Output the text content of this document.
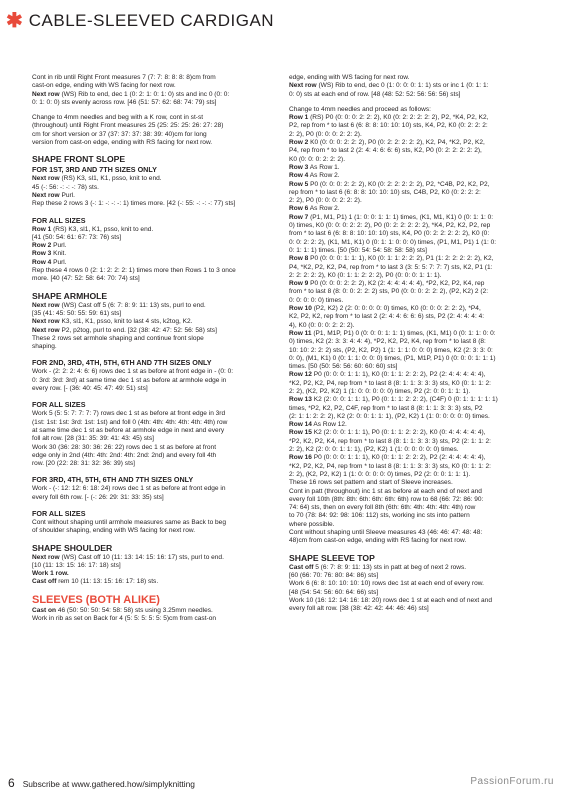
✱ CABLE-SLEEVED CARDIGAN
Cont in rib until Right Front measures 7 (7: 7: 8: 8: 8: 8)cm from
cast-on edge, ending with WS facing for next row.
Next row (WS) Rib to end, dec 1 (0: 2: 1: 0: 1: 0) sts and inc 0 (0: 0:
0: 1: 0: 0) sts evenly across row. [46 (51: 57: 62: 68: 74: 79) sts]
Change to 4mm needles and beg with a K row, cont in st-st
(throughout) until Right Front measures 25 (25: 25: 25: 26: 27: 28)
cm for short version or 37 (37: 37: 37: 38: 39: 40)cm for long
version from cast-on edge, ending with RS facing for next row.
SHAPE FRONT SLOPE
FOR 1ST, 3RD AND 7TH SIZES ONLY
Next row (RS) K3, sl1, K1, psso, knit to end.
45 (-: 56: -: -: -: 78) sts.
Next row Purl.
Rep these 2 rows 3 (-: 1: -: -: -: 1) times more. [42 (-: 55: -: -: -: 77) sts]
FOR ALL SIZES
Row 1 (RS) K3, sl1, K1, psso, knit to end.
[41 (50: 54: 61: 67: 73: 76) sts]
Row 2 Purl.
Row 3 Knit.
Row 4 Purl.
Rep these 4 rows 0 (2: 1: 2: 2: 2: 1) times more then Rows 1 to 3 once
more. [40 (47: 52: 58: 64: 70: 74) sts]
SHAPE ARMHOLE
Next row (WS) Cast off 5 (6: 7: 8: 9: 11: 13) sts, purl to end.
[35 (41: 45: 50: 55: 59: 61) sts]
Next row K3, sl1, K1, psso, knit to last 4 sts, k2tog, K2.
Next row P2, p2tog, purl to end. [32 (38: 42: 47: 52: 56: 58) sts]
These 2 rows set armhole shaping and continue front slope
shaping.
FOR 2ND, 3RD, 4TH, 5TH, 6TH AND 7TH SIZES ONLY
Work - (2: 2: 2: 4: 6: 6) rows dec 1 st as before at front edge in - (0: 0:
0: 3rd: 3rd: 3rd) at same time dec 1 st as before at armhole edge in
every row. [- (36: 40: 45: 47: 49: 51) sts]
FOR ALL SIZES
Work 5 (5: 5: 7: 7: 7: 7) rows dec 1 st as before at front edge in 3rd
(1st: 1st: 1st: 3rd: 1st: 1st) and foll 0 (4th: 4th: 4th: 4th: 4th: 4th) row
at same time dec 1 st as before at armhole edge in next and every
foll alt row. [28 (31: 35: 39: 41: 43: 45) sts]
Work 30 (36: 28: 30: 36: 26: 22) rows dec 1 st as before at front
edge only in 2nd (4th: 4th: 2nd: 4th: 2nd: 2nd) and every foll 4th
row. [20 (22: 28: 31: 32: 36: 39) sts]
FOR 3RD, 4TH, 5TH, 6TH AND 7TH SIZES ONLY
Work - (-: 12: 12: 6: 18: 24) rows dec 1 st as before at front edge in
every foll 6th row. [- (-: 26: 29: 31: 33: 35) sts]
FOR ALL SIZES
Cont without shaping until armhole measures same as Back to beg
of shoulder shaping, ending with WS facing for next row.
SHAPE SHOULDER
Next row (WS) Cast off 10 (11: 13: 14: 15: 16: 17) sts, purl to end.
[10 (11: 13: 15: 16: 17: 18) sts]
Work 1 row.
Cast off rem 10 (11: 13: 15: 16: 17: 18) sts.
SLEEVES (BOTH ALIKE)
Cast on 46 (50: 50: 50: 54: 58: 58) sts using 3.25mm needles.
Work in rib as set on Back for 4 (5: 5: 5: 5: 5: 5)cm from cast-on
edge, ending with WS facing for next row.
Next row (WS) Rib to end, dec 0 (1: 0: 0: 0: 1: 1) sts or inc 1 (0: 1: 1:
0: 0) sts at each end of row. [48 (48: 52: 52: 56: 56: 56) sts]
Change to 4mm needles and proceed as follows:
Row 1 (RS) P0 (0: 0: 0: 2: 2: 2), K0 (0: 2: 2: 2: 2: 2), P2, *K4, P2, K2,
P2, rep from * to last 6 (6: 8: 8: 10: 10: 10) sts, K4, P2, K0 (0: 2: 2: 2:
2: 2), P0 (0: 0: 0: 2: 2: 2).
Row 2 K0 (0: 0: 0: 2: 2: 2), P0 (0: 2: 2: 2: 2: 2), K2, P4, *K2, P2, K2,
P4, rep from * to last 2 (2: 4: 4: 6: 6: 6) sts, K2, P0 (0: 2: 2: 2: 2: 2),
K0 (0: 0: 0: 2: 2: 2).
Row 3 As Row 1.
Row 4 As Row 2.
Row 5 P0 (0: 0: 0: 2: 2: 2), K0 (0: 2: 2: 2: 2: 2), P2, *C4B, P2, K2, P2,
rep from * to last 6 (6: 8: 8: 10: 10: 10) sts, C4B, P2, K0 (0: 2: 2: 2:
2: 2), P0 (0: 0: 0: 2: 2: 2).
Row 6 As Row 2.
Row 7 (P1, M1, P1) 1 (1: 0: 0: 1: 1: 1) times, (K1, M1, K1) 0 (0: 1: 1: 0:
0) times, K0 (0: 0: 0: 2: 2: 2), P0 (0: 2: 2: 2: 2: 2), *K4, P2, K2, P2, rep
from * to last 6 (6: 8: 8: 10: 10: 10) sts, K4, P0 (0: 2: 2: 2: 2: 2), K0 (0:
0: 0: 2: 2: 2), (K1, M1, K1) 0 (0: 1: 1: 0: 0: 0) times, (P1, M1, P1) 1 (1: 0:
0: 1: 1: 1) times. [50 (50: 54: 54: 58: 58: 58) sts]
Row 8 P0 (0: 0: 0: 1: 1: 1), K0 (0: 1: 1: 2: 2: 2), P1 (1: 2: 2: 2: 2: 2), K2,
P4, *K2, P2, K2, P4, rep from * to last 3 (3: 5: 5: 7: 7: 7) sts, K2, P1 (1:
2: 2: 2: 2: 2), K0 (0: 1: 1: 2: 2: 2), P0 (0: 0: 0: 1: 1: 1).
Row 9 P0 (0: 0: 0: 2: 2: 2), K2 (2: 4: 4: 4: 4: 4), *P2, K2, P2, K4, rep
from * to last 8 (8: 0: 0: 2: 2: 2) sts, P0 (0: 0: 0: 2: 2: 2), (P2, K2) 2 (2:
0: 0: 0: 0: 0) times.
Row 10 (P2, K2) 2 (2: 0: 0: 0: 0: 0) times, K0 (0: 0: 0: 2: 2: 2), *P4,
K2, P2, K2, rep from * to last 2 (2: 4: 4: 6: 6: 6) sts, P2 (2: 4: 4: 4: 4:
4), K0 (0: 0: 0: 2: 2: 2).
Row 11 (P1, M1P, P1) 0 (0: 0: 0: 1: 1: 1) times, (K1, M1) 0 (0: 1: 1: 0: 0:
0) times, K2 (2: 3: 3: 4: 4: 4), *P2, K2, P2, K4, rep from * to last 8 (8:
10: 10: 2: 2: 2) sts, (P2, K2, P2) 1 (1: 1: 1: 0: 0: 0) times, K2 (2: 3: 3: 0:
0: 0), (M1, K1) 0 (0: 1: 1: 0: 0: 0) times, (P1, M1P, P1) 0 (0: 0: 0: 1: 1: 1)
times. [50 (50: 56: 56: 60: 60: 60) sts]
Row 12 P0 (0: 0: 0: 1: 1: 1), K0 (0: 1: 1: 2: 2: 2), P2 (2: 4: 4: 4: 4: 4),
*K2, P2, K2, P4, rep from * to last 8 (8: 1: 1: 3: 3: 3) sts, K0 (0: 1: 1: 2:
2: 2), (K2, P2, K2) 1 (1: 0: 0: 0: 0: 0) times, P2 (2: 0: 0: 1: 1: 1).
Row 13 K2 (2: 0: 0: 1: 1: 1), P0 (0: 1: 1: 2: 2: 2), (C4F) 0 (0: 1: 1: 1: 1: 1)
times, *P2, K2, P2, C4F, rep from * to last 8 (8: 1: 1: 3: 3: 3) sts, P2
(2: 1: 1: 2: 2: 2), K2 (2: 0: 0: 1: 1: 1), (P2, K2) 1 (1: 0: 0: 0: 0: 0) times.
Row 14 As Row 12.
Row 15 K2 (2: 0: 0: 1: 1: 1), P0 (0: 1: 1: 2: 2: 2), K0 (0: 4: 4: 4: 4: 4),
*P2, K2, P2, K4, rep from * to last 8 (8: 1: 1: 3: 3: 3) sts, P2 (2: 1: 1: 2:
2: 2), K2 (2: 0: 0: 1: 1: 1), (P2, K2) 1 (1: 0: 0: 0: 0: 0) times.
Row 16 P0 (0: 0: 0: 1: 1: 1), K0 (0: 1: 1: 2: 2: 2), P2 (2: 4: 4: 4: 4: 4),
*K2, P2, K2, P4, rep from * to last 8 (8: 1: 1: 3: 3: 3) sts, K0 (0: 1: 1: 2:
2: 2), (K2, P2, K2) 1 (1: 0: 0: 0: 0: 0) times, P2 (2: 0: 0: 1: 1: 1).
These 16 rows set pattern and start of Sleeve increases.
Cont in patt (throughout) inc 1 st as before at each end of next and
every foll 10th (8th: 8th: 6th: 6th: 6th: 6th) row to 68 (66: 72: 86: 90:
74: 64) sts, then on every foll 8th (6th: 6th: 4th: 4th: 4th: 4th) row
to 70 (78: 84: 92: 98: 106: 112) sts, working inc sts into pattern
where possible.
Cont without shaping until Sleeve measures 43 (46: 46: 47: 48: 48:
48)cm from cast-on edge, ending with RS facing for next row.
SHAPE SLEEVE TOP
Cast off 5 (6: 7: 8: 9: 11: 13) sts in patt at beg of next 2 rows.
[60 (66: 70: 76: 80: 84: 86) sts]
Work 6 (6: 8: 10: 10: 10: 10) rows dec 1st at each end of every row.
[48 (54: 54: 56: 60: 64: 66) sts]
Work 10 (16: 12: 14: 16: 18: 20) rows dec 1 st at each end of next and
every foll alt row. [38 (38: 42: 42: 44: 46: 46) sts]
6 Subscribe at www.gathered.how/simplyknitting	PassionForum.ru
